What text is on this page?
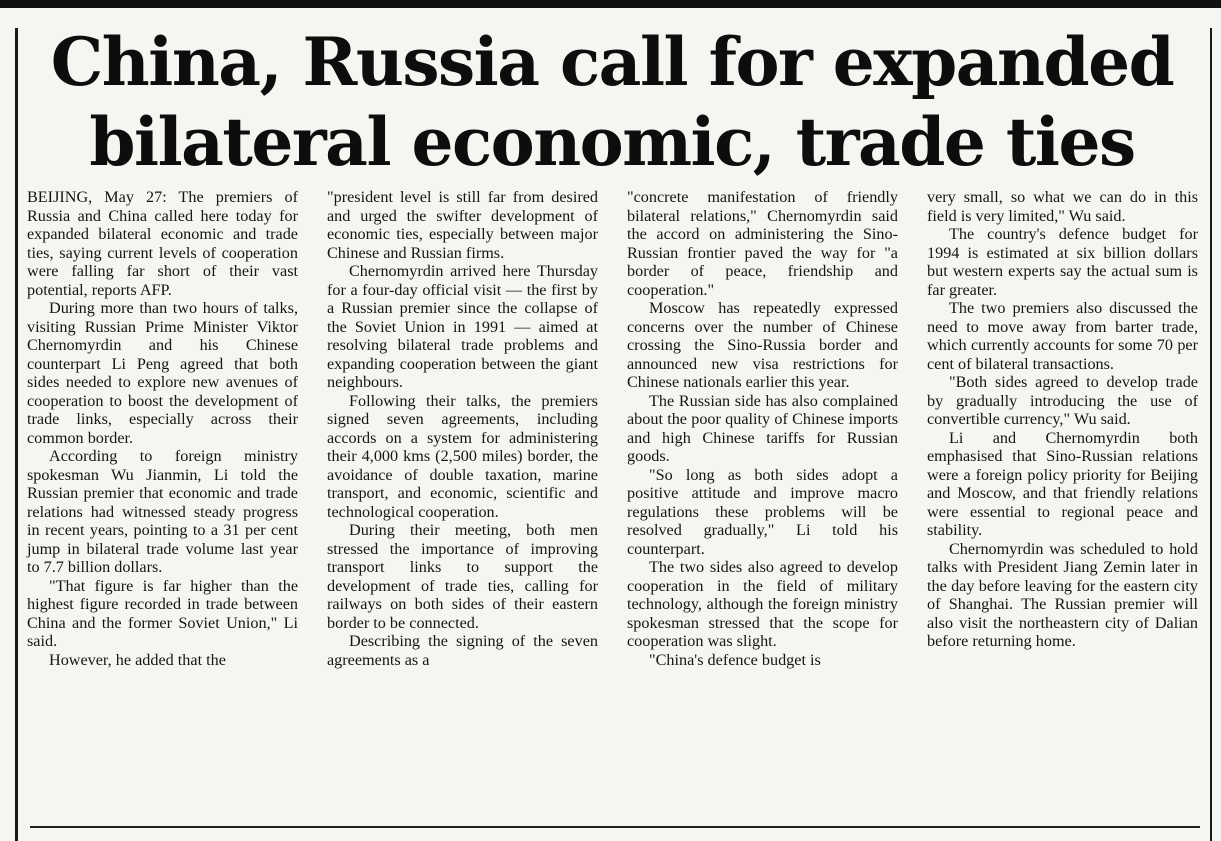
China, Russia call for expanded
bilateral economic, trade ties

BEIJING, May 27: The premiers of Russia and China called here today for expanded bilateral economic and trade ties, saying current levels of cooperation were falling far short of their vast potential, reports AFP.

During more than two hours of talks, visiting Russian Prime Minister Viktor Chernomyrdin and his Chinese counterpart Li Peng agreed that both sides needed to explore new avenues of cooperation to boost the development of trade links, especially across their common border.

According to foreign ministry spokesman Wu Jianmin, Li told the Russian premier that economic and trade relations had witnessed steady progress in recent years, pointing to a 31 per cent jump in bilateral trade volume last year to 7.7 billion dollars.

"That figure is far higher than the highest figure recorded in trade between China and the former Soviet Union," Li said.

However, he added that the

"president level is still far from desired and urged the swifter development of economic ties, especially between major Chinese and Russian firms.

Chernomyrdin arrived here Thursday for a four-day official visit — the first by a Russian premier since the collapse of the Soviet Union in 1991 — aimed at resolving bilateral trade problems and expanding cooperation between the giant neighbours.

Following their talks, the premiers signed seven agreements, including accords on a system for administering their 4,000 kms (2,500 miles) border, the avoidance of double taxation, marine transport, and economic, scientific and technological cooperation.

During their meeting, both men stressed the importance of improving transport links to support the development of trade ties, calling for railways on both sides of their eastern border to be connected.

Describing the signing of the seven agreements as a

"concrete manifestation of friendly bilateral relations," Chernomyrdin said the accord on administering the Sino-Russian frontier paved the way for "a border of peace, friendship and cooperation."

Moscow has repeatedly expressed concerns over the number of Chinese crossing the Sino-Russia border and announced new visa restrictions for Chinese nationals earlier this year.

The Russian side has also complained about the poor quality of Chinese imports and high Chinese tariffs for Russian goods.

"So long as both sides adopt a positive attitude and improve macro regulations these problems will be resolved gradually," Li told his counterpart.

The two sides also agreed to develop cooperation in the field of military technology, although the foreign ministry spokesman stressed that the scope for cooperation was slight.

"China's defence budget is

very small, so what we can do in this field is very limited," Wu said.

The country's defence budget for 1994 is estimated at six billion dollars but western experts say the actual sum is far greater.

The two premiers also discussed the need to move away from barter trade, which currently accounts for some 70 per cent of bilateral transactions.

"Both sides agreed to develop trade by gradually introducing the use of convertible currency," Wu said.

Li and Chernomyrdin both emphasised that Sino-Russian relations were a foreign policy priority for Beijing and Moscow, and that friendly relations were essential to regional peace and stability.

Chernomyrdin was scheduled to hold talks with President Jiang Zemin later in the day before leaving for the eastern city of Shanghai. The Russian premier will also visit the northeastern city of Dalian before returning home.
